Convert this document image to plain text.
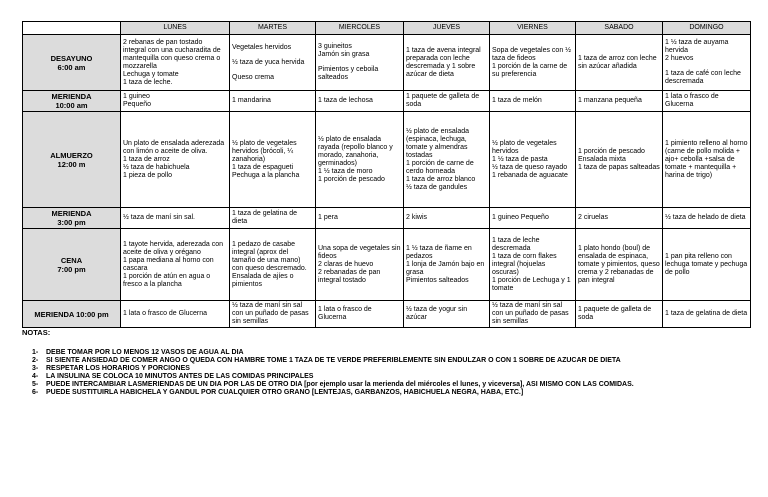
	LUNES	MARTES	MIERCOLES	JUEVES	VIERNES	SABADO	DOMINGO

DESAYUNO
6:00 am	2 rebanas de pan tostado integral con una cucharadita de mantequilla con queso crema o mozzarella
Lechuga y tomate
1 taza de leche.	Vegetales hervidos
½ taza de yuca hervida
Queso crema	3 guineitos
Jamón sin grasa
Pimientos y ceboila salteados	1 taza de avena integral preparada con leche descremada y 1 sobre azúcar de dieta	Sopa de vegetales con ½ taza de fideos
1 porción de la carne de su preferencia	1 taza de arroz con leche sin azúcar añadida	1 ½ taza de auyama hervida
2 huevos
1 taza de café con leche descremada

MERIENDA
10:00 am	1 guineo
Pequeño	1 mandarina	1 taza de lechosa	1 paquete de galleta de soda	1 taza de melón	1 manzana pequeña	1 lata o frasco de Glucerna

ALMUERZO
12:00 m	Un plato de ensalada aderezada con limón o aceite de oliva.
1 taza de arroz
½ taza de habichuela
1 pieza de pollo	½ plato de vegetales hervidos (brócoli, ¼ zanahoria)
1 taza de espagueti
Pechuga a la plancha	½ plato de ensalada rayada (repollo blanco y morado, zanahoria, germinados)
1 ½ taza de moro
1 porción de pescado	½ plato de ensalada (espinaca, lechuga, tomate y almendras tostadas
1 porción de carne de cerdo horneada
1 taza de arroz blanco
½ taza de gandules	½ plato de vegetales hervidos
1 ½ taza de pasta
½ taza de queso rayado
1 rebanada de aguacate	1 porción de pescado
Ensalada mixta
1 taza de papas salteadas	1 pimiento relleno al horno (carne de pollo molida + ajo+ cebolla +salsa de tomate + mantequilla + harina de trigo)

MERIENDA
3:00 pm	½ taza de maní sin sal.	1 taza de gelatina de dieta	1 pera	2 kiwis	1 guineo Pequeño	2 ciruelas	½ taza de helado de dieta

CENA
7:00 pm	1 tayote hervida, aderezada con aceite de oliva y orégano
1 papa mediana al horno con cascara
1 porción de atún en agua o fresco a la plancha	1 pedazo de casabe integral (aprox del tamaño de una mano) con queso descremado.
Ensalada de ajíes o pimientos	Una sopa de vegetales sin fideos
2 claras de huevo
2 rebanadas de pan integral tostado	1 ½ taza de ñame en pedazos
1 lonja de Jamón bajo en grasa
Pimientos salteados	1 taza de leche descremada
1 taza de corn flakes integral (hojuelas oscuras)
1 porción de Lechuga y 1 tomate	1 plato hondo (boul) de ensalada de espinaca, tomate y pimientos, queso crema y 2 rebanadas de pan integral	1 pan pita relleno con lechuga tomate y pechuga de pollo

MERIENDA 10:00 pm	1 lata o frasco de Glucerna	½ taza de maní sin sal con un puñado de pasas sin semillas	1 lata o frasco de Glucerna	½ taza de yogur sin azúcar	½ taza de maní sin sal con un puñado de pasas sin semillas	1 paquete de galleta de soda	1 taza de gelatina de dieta
NOTAS:
1- DEBE TOMAR POR LO MENOS 12 VASOS DE AGUA AL DIA
2- SI SIENTE ANSIEDAD DE COMER ANGO O QUEDA CON HAMBRE TOME 1 TAZA DE TE VERDE PREFERIBLEMENTE SIN ENDULZAR O CON 1 SOBRE DE AZUCAR DE DIETA
3- RESPETAR LOS HORARIOS Y PORCIONES
4- LA INSULINA SE COLOCA 10 MINUTOS ANTES DE LAS COMIDAS PRINCIPALES
5- PUEDE INTERCAMBIAR LASMERIENDAS DE UN DIA POR LAS DE OTRO DIA [por ejemplo usar la merienda del miércoles el lunes, y viceversa], ASI MISMO CON LAS COMIDAS.
6- PUEDE SUSTITUIRLA HABICHELA Y GANDUL POR CUALQUIER OTRO GRANO [LENTEJAS, GARBANZOS, HABICHUELA NEGRA, HABA, ETC.]
